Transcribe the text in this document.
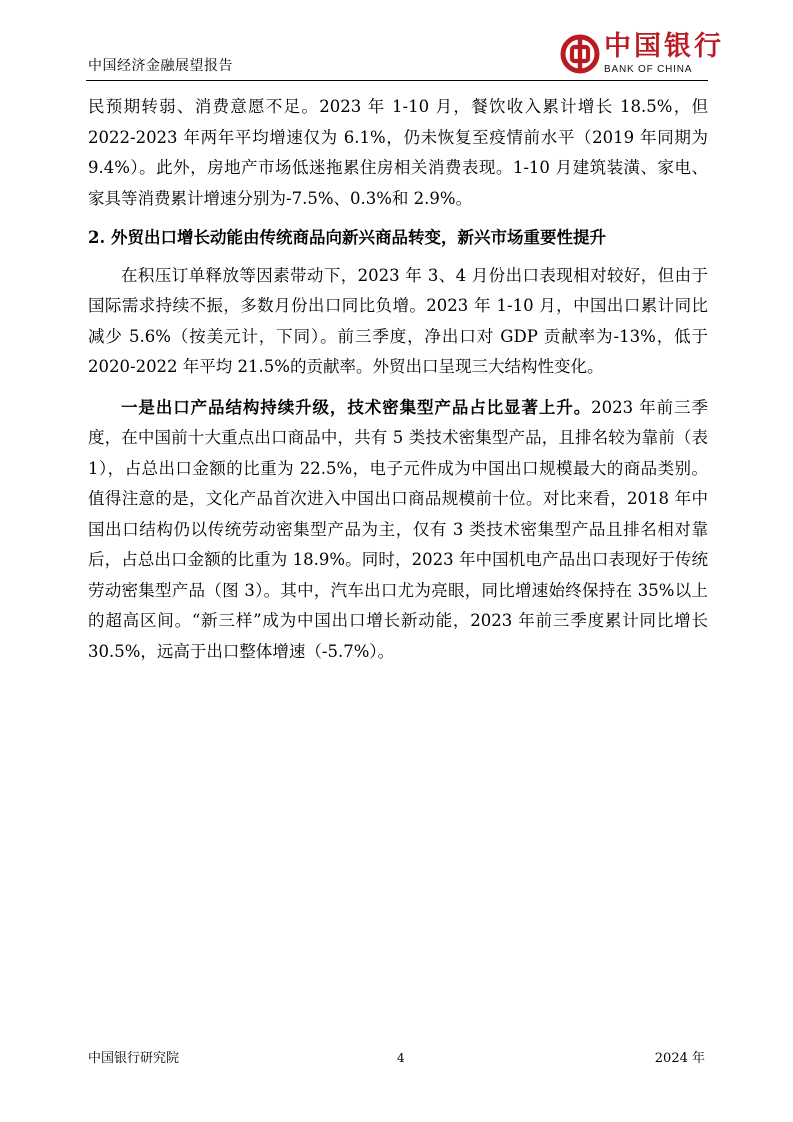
中国经济金融展望报告
中国银行
BANK OF CHINA

民预期转弱、消费意愿不足。2023 年 1-10 月，餐饮收入累计增长 18.5%，但 2022-2023 年两年平均增速仅为 6.1%，仍未恢复至疫情前水平（2019 年同期为 9.4%）。此外，房地产市场低迷拖累住房相关消费表现。1-10 月建筑装潢、家电、家具等消费累计增速分别为-7.5%、0.3%和 2.9%。

2. 外贸出口增长动能由传统商品向新兴商品转变，新兴市场重要性提升

在积压订单释放等因素带动下，2023 年 3、4 月份出口表现相对较好，但由于国际需求持续不振，多数月份出口同比负增。2023 年 1-10 月，中国出口累计同比减少 5.6%（按美元计，下同）。前三季度，净出口对 GDP 贡献率为-13%，低于 2020-2022 年平均 21.5%的贡献率。外贸出口呈现三大结构性变化。

一是出口产品结构持续升级，技术密集型产品占比显著上升。2023 年前三季度，在中国前十大重点出口商品中，共有 5 类技术密集型产品，且排名较为靠前（表 1），占总出口金额的比重为 22.5%，电子元件成为中国出口规模最大的商品类别。值得注意的是，文化产品首次进入中国出口商品规模前十位。对比来看，2018 年中国出口结构仍以传统劳动密集型产品为主，仅有 3 类技术密集型产品且排名相对靠后，占总出口金额的比重为 18.9%。同时，2023 年中国机电产品出口表现好于传统劳动密集型产品（图 3）。其中，汽车出口尤为亮眼，同比增速始终保持在 35%以上的超高区间。“新三样”成为中国出口增长新动能，2023 年前三季度累计同比增长 30.5%，远高于出口整体增速（-5.7%）。

中国银行研究院	4	2024 年
